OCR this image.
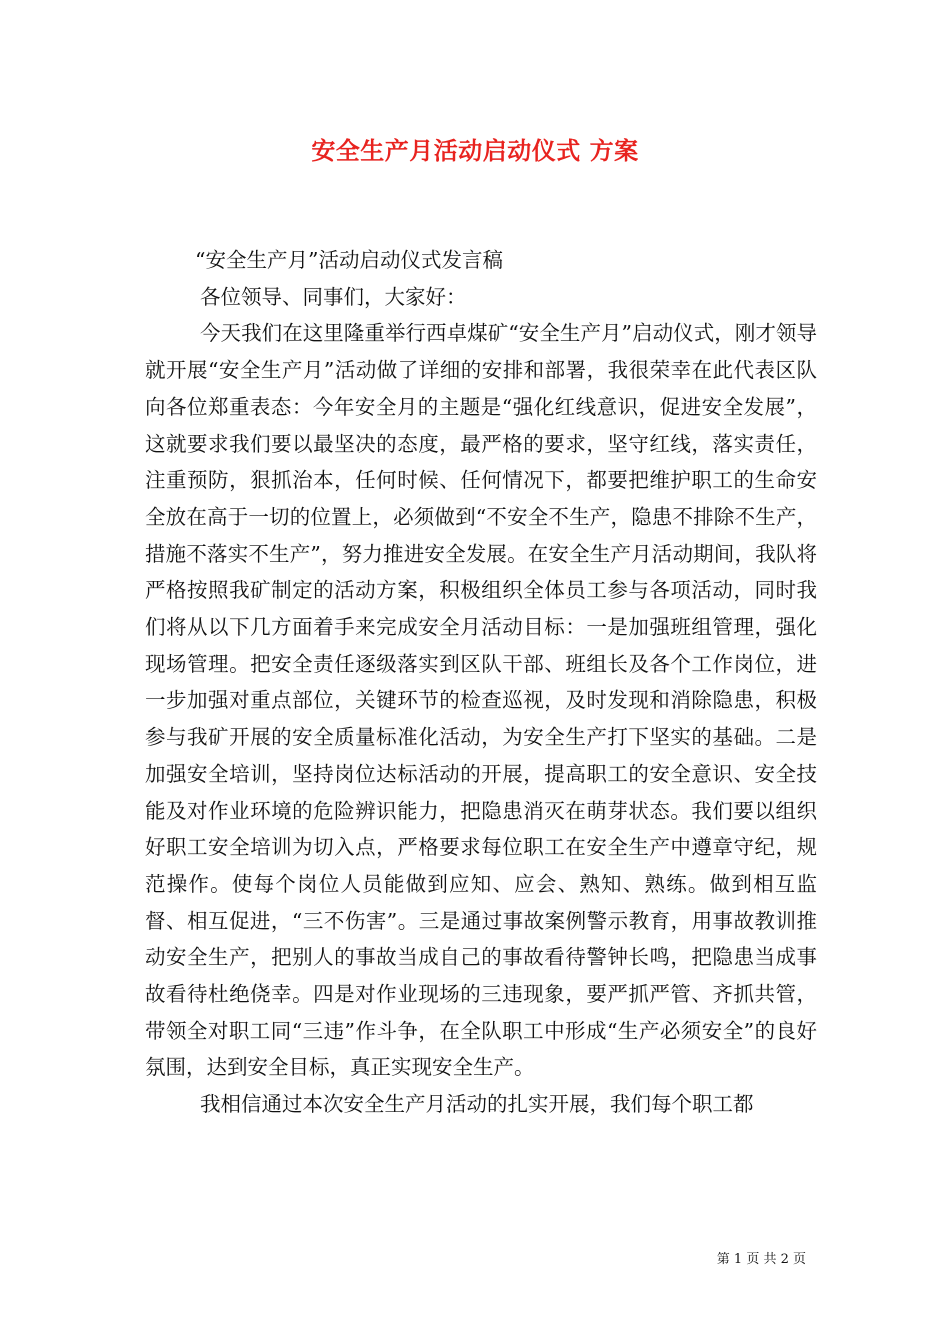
安全生产月活动启动仪式 方案

“安全生产月”活动启动仪式发言稿

各位领导、同事们，大家好：

今天我们在这里隆重举行西卓煤矿“安全生产月”启动仪式，刚才领导就开展“安全生产月”活动做了详细的安排和部署，我很荣幸在此代表区队向各位郑重表态：今年安全月的主题是“强化红线意识，促进安全发展”，这就要求我们要以最坚决的态度，最严格的要求，坚守红线，落实责任，注重预防，狠抓治本，任何时候、任何情况下，都要把维护职工的生命安全放在高于一切的位置上，必须做到“不安全不生产，隐患不排除不生产，措施不落实不生产”，努力推进安全发展。在安全生产月活动期间，我队将严格按照我矿制定的活动方案，积极组织全体员工参与各项活动，同时我们将从以下几方面着手来完成安全月活动目标：一是加强班组管理，强化现场管理。把安全责任逐级落实到区队干部、班组长及各个工作岗位，进一步加强对重点部位，关键环节的检查巡视，及时发现和消除隐患，积极参与我矿开展的安全质量标准化活动，为安全生产打下坚实的基础。二是加强安全培训，坚持岗位达标活动的开展，提高职工的安全意识、安全技能及对作业环境的危险辨识能力，把隐患消灭在萌芽状态。我们要以组织好职工安全培训为切入点，严格要求每位职工在安全生产中遵章守纪，规范操作。使每个岗位人员能做到应知、应会、熟知、熟练。做到相互监督、相互促进，“三不伤害”。三是通过事故案例警示教育，用事故教训推动安全生产，把别人的事故当成自己的事故看待警钟长鸣，把隐患当成事故看待杜绝侥幸。四是对作业现场的三违现象，要严抓严管、齐抓共管，带领全对职工同“三违”作斗争，在全队职工中形成“生产必须安全”的良好氛围，达到安全目标，真正实现安全生产。

我相信通过本次安全生产月活动的扎实开展，我们每个职工都

第 1 页 共 2 页
